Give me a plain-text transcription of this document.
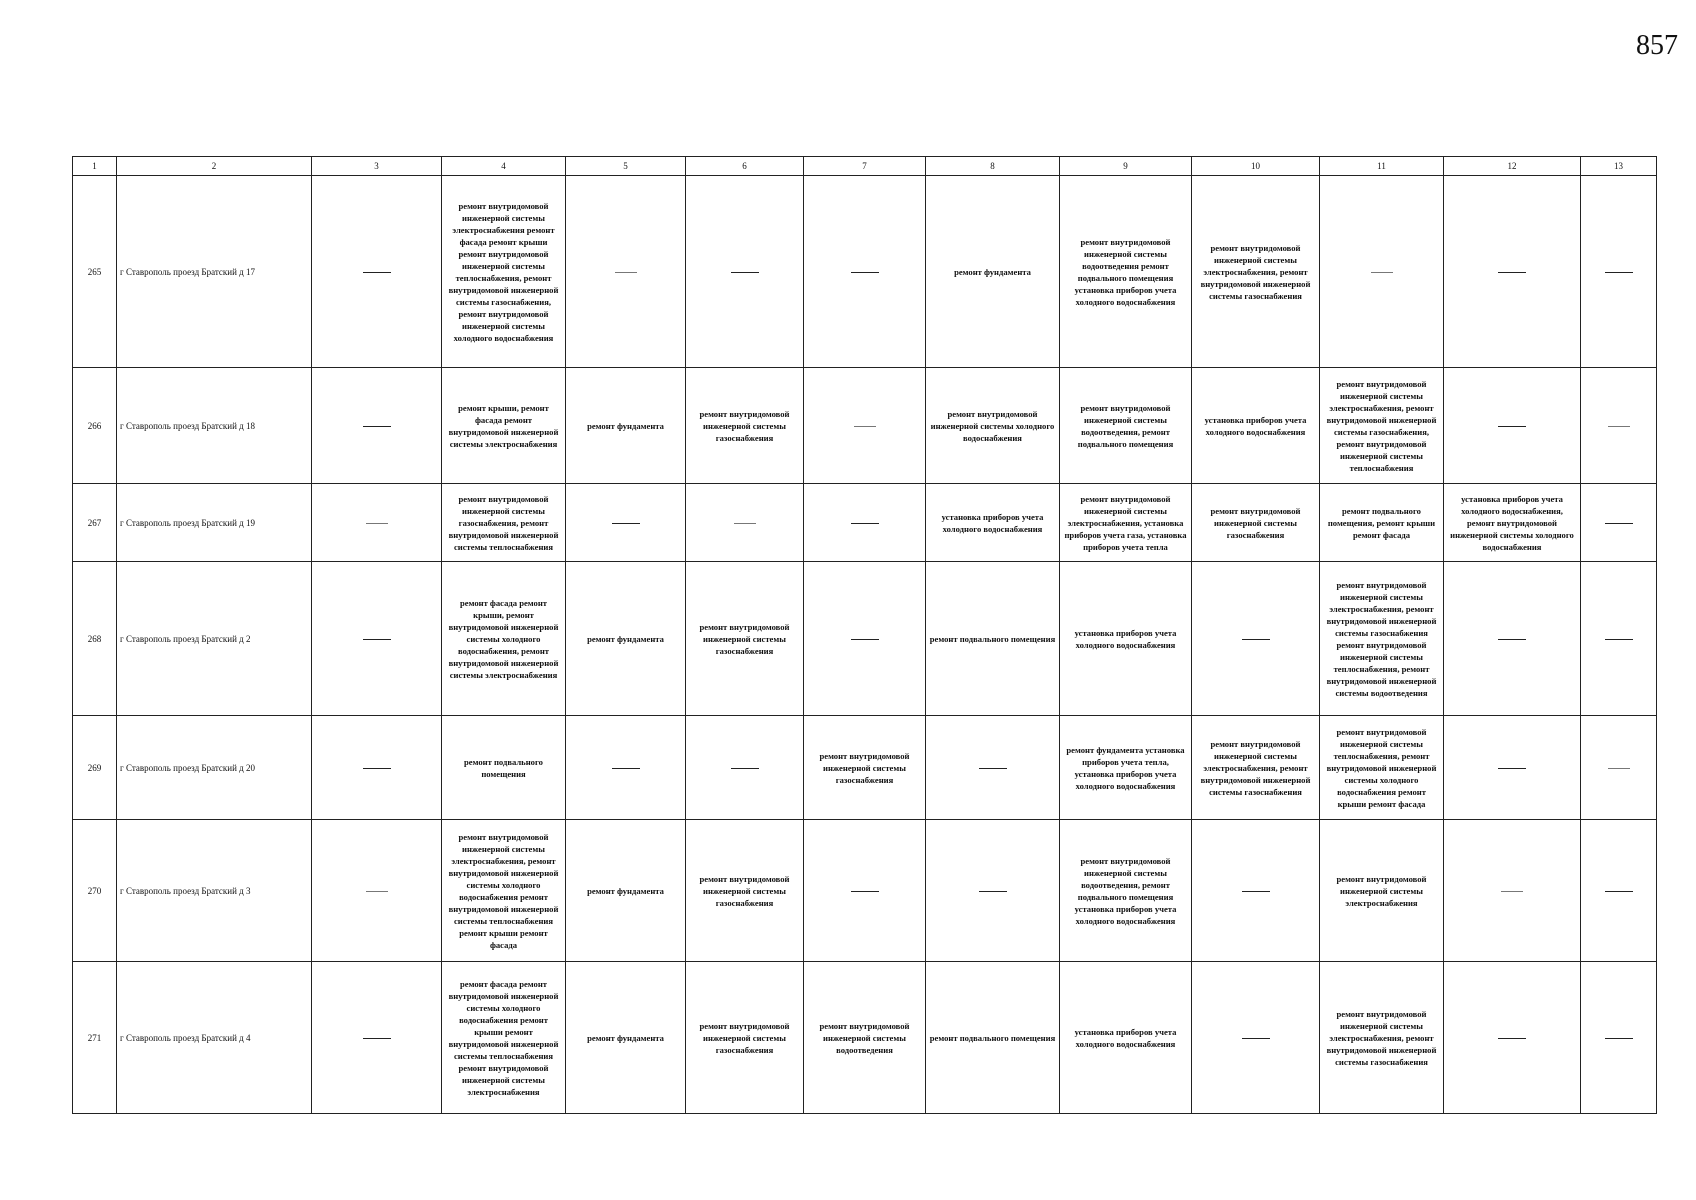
857
1	2	3	4	5	6	7	8	9	10	11	12	13
265	г Ставрополь проезд Братский д 17		ремонт внутридомовой инженерной системы электроснабжения ремонт фасада ремонт крыши ремонт внутридомовой инженерной системы теплоснабжения, ремонт внутридомовой инженерной системы газоснабжения, ремонт внутридомовой инженерной системы холодного водоснабжения				ремонт фундамента	ремонт внутридомовой инженерной системы водоотведения ремонт подвального помещения установка приборов учета холодного водоснабжения	ремонт внутридомовой инженерной системы электроснабжения, ремонт внутридомовой инженерной системы газоснабжения			
266	г Ставрополь проезд Братский д 18		ремонт крыши, ремонт фасада ремонт внутридомовой инженерной системы электроснабжения	ремонт фундамента	ремонт внутридомовой инженерной системы газоснабжения		ремонт внутридомовой инженерной системы холодного водоснабжения	ремонт внутридомовой инженерной системы водоотведения, ремонт подвального помещения	установка приборов учета холодного водоснабжения	ремонт внутридомовой инженерной системы электроснабжения, ремонт внутридомовой инженерной системы газоснабжения, ремонт внутридомовой инженерной системы теплоснабжения		
267	г Ставрополь проезд Братский д 19		ремонт внутридомовой инженерной системы газоснабжения, ремонт внутридомовой инженерной системы теплоснабжения				установка приборов учета холодного водоснабжения	ремонт внутридомовой инженерной системы электроснабжения, установка приборов учета газа, установка приборов учета тепла	ремонт внутридомовой инженерной системы газоснабжения	ремонт подвального помещения, ремонт крыши ремонт фасада	установка приборов учета холодного водоснабжения, ремонт внутридомовой инженерной системы холодного водоснабжения	
268	г Ставрополь проезд Братский д 2		ремонт фасада ремонт крыши, ремонт внутридомовой инженерной системы холодного водоснабжения, ремонт внутридомовой инженерной системы электроснабжения	ремонт фундамента	ремонт внутридомовой инженерной системы газоснабжения		ремонт подвального помещения	установка приборов учета холодного водоснабжения		ремонт внутридомовой инженерной системы электроснабжения, ремонт внутридомовой инженерной системы газоснабжения ремонт внутридомовой инженерной системы теплоснабжения, ремонт внутридомовой инженерной системы водоотведения		
269	г Ставрополь проезд Братский д 20		ремонт подвального помещения			ремонт внутридомовой инженерной системы газоснабжения		ремонт фундамента установка приборов учета тепла, установка приборов учета холодного водоснабжения	ремонт внутридомовой инженерной системы электроснабжения, ремонт внутридомовой инженерной системы газоснабжения	ремонт внутридомовой инженерной системы теплоснабжения, ремонт внутридомовой инженерной системы холодного водоснабжения ремонт крыши ремонт фасада		
270	г Ставрополь проезд Братский д 3		ремонт внутридомовой инженерной системы электроснабжения, ремонт внутридомовой инженерной системы холодного водоснабжения ремонт внутридомовой инженерной системы теплоснабжения ремонт крыши ремонт фасада	ремонт фундамента	ремонт внутридомовой инженерной системы газоснабжения			ремонт внутридомовой инженерной системы водоотведения, ремонт подвального помещения установка приборов учета холодного водоснабжения		ремонт внутридомовой инженерной системы электроснабжения		
271	г Ставрополь проезд Братский д 4		ремонт фасада ремонт внутридомовой инженерной системы холодного водоснабжения ремонт крыши ремонт внутридомовой инженерной системы теплоснабжения ремонт внутридомовой инженерной системы электроснабжения	ремонт фундамента	ремонт внутридомовой инженерной системы газоснабжения	ремонт внутридомовой инженерной системы водоотведения	ремонт подвального помещения	установка приборов учета холодного водоснабжения		ремонт внутридомовой инженерной системы электроснабжения, ремонт внутридомовой инженерной системы газоснабжения		
